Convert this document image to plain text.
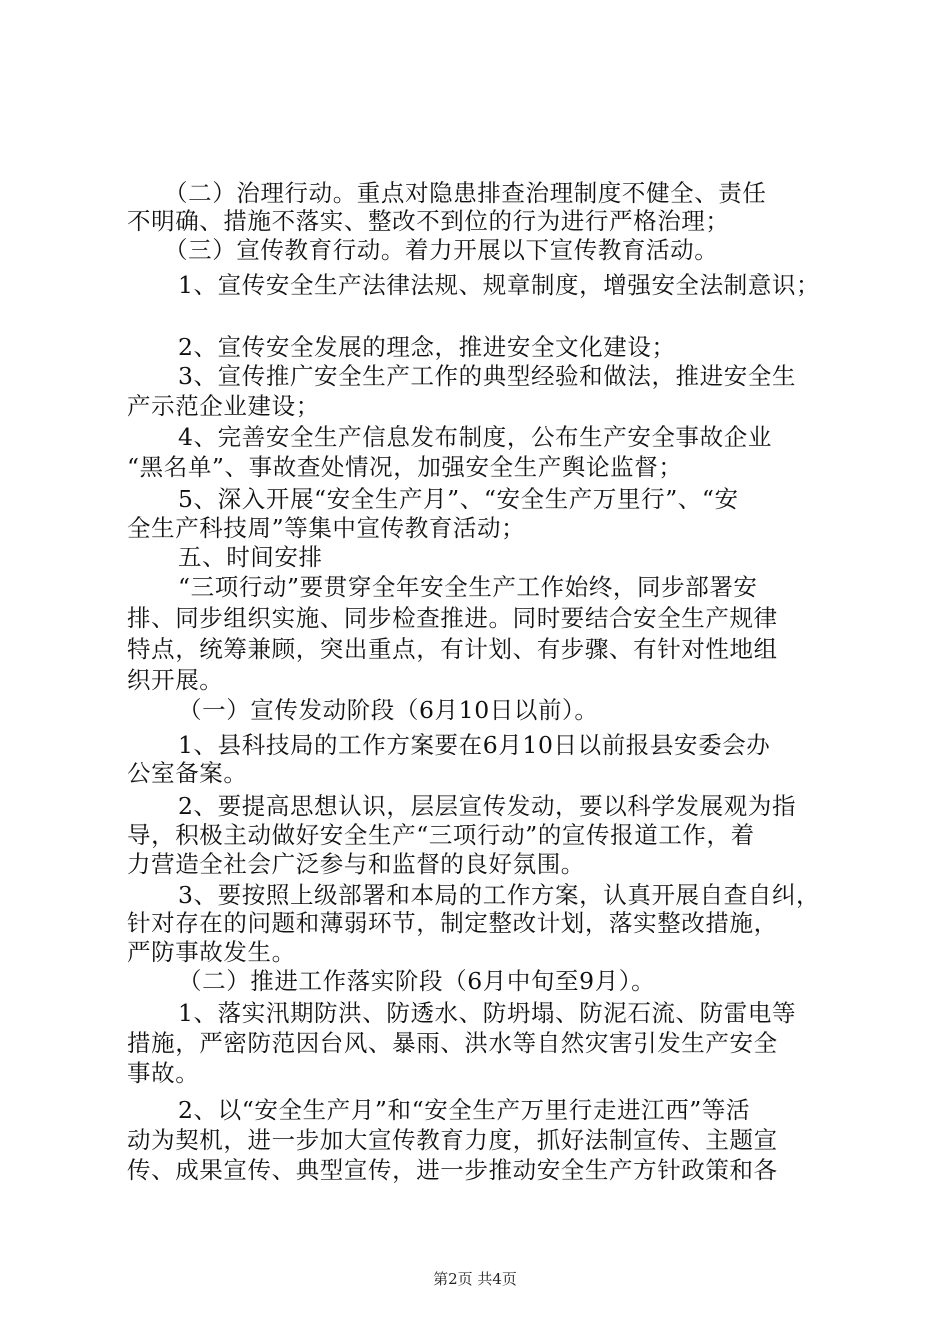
（二）治理行动。重点对隐患排查治理制度不健全、责任
不明确、措施不落实、整改不到位的行为进行严格治理；
（三）宣传教育行动。着力开展以下宣传教育活动。
1、宣传安全生产法律法规、规章制度，增强安全法制意识；
2、宣传安全发展的理念，推进安全文化建设；
3、宣传推广安全生产工作的典型经验和做法，推进安全生
产示范企业建设；
4、完善安全生产信息发布制度，公布生产安全事故企业
“黑名单”、事故查处情况，加强安全生产舆论监督；
5、深入开展“安全生产月”、“安全生产万里行”、“安
全生产科技周”等集中宣传教育活动；
五、时间安排
“三项行动”要贯穿全年安全生产工作始终，同步部署安
排、同步组织实施、同步检查推进。同时要结合安全生产规律
特点，统筹兼顾，突出重点，有计划、有步骤、有针对性地组
织开展。
（一）宣传发动阶段（6月10日以前）。
1、县科技局的工作方案要在6月10日以前报县安委会办
公室备案。
2、要提高思想认识，层层宣传发动，要以科学发展观为指
导，积极主动做好安全生产“三项行动”的宣传报道工作，着
力营造全社会广泛参与和监督的良好氛围。
3、要按照上级部署和本局的工作方案，认真开展自查自纠，
针对存在的问题和薄弱环节，制定整改计划，落实整改措施，
严防事故发生。
（二）推进工作落实阶段（6月中旬至9月）。
1、落实汛期防洪、防透水、防坍塌、防泥石流、防雷电等
措施，严密防范因台风、暴雨、洪水等自然灾害引发生产安全
事故。
2、以“安全生产月”和“安全生产万里行走进江西”等活
动为契机，进一步加大宣传教育力度，抓好法制宣传、主题宣
传、成果宣传、典型宣传，进一步推动安全生产方针政策和各
第2页 共4页
